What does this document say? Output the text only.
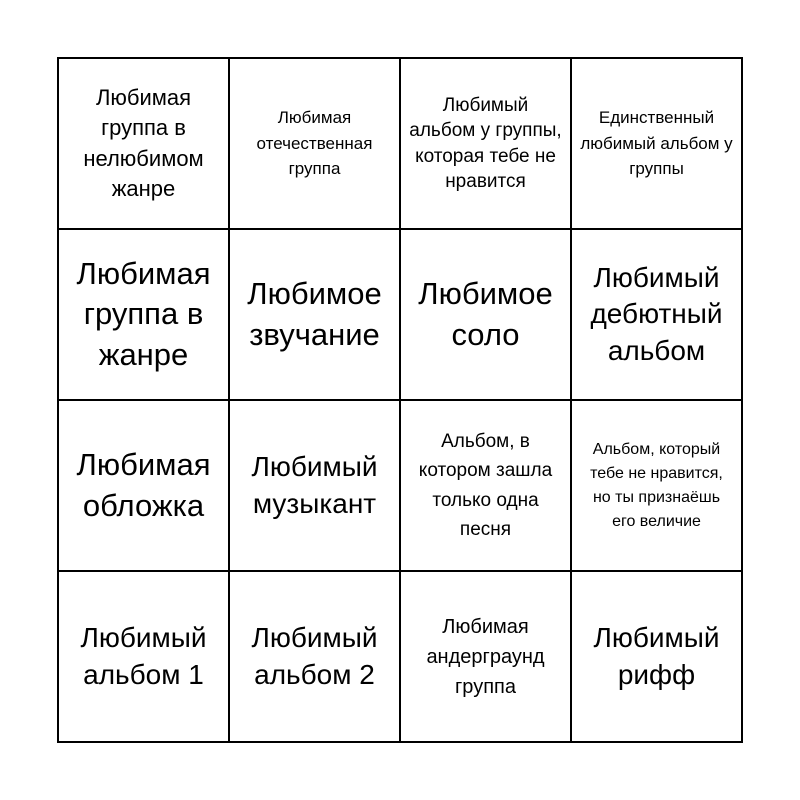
Любимая группа в нелюбимом жанре
Любимая отечественная группа
Любимый альбом у группы, которая тебе не нравится
Единственный любимый альбом у группы
Любимая группа в жанре
Любимое звучание
Любимое соло
Любимый дебютный альбом
Любимая обложка
Любимый музыкант
Альбом, в котором зашла только одна песня
Альбом, который тебе не нравится, но ты признаёшь его величие
Любимый альбом 1
Любимый альбом 2
Любимая андерграунд группа
Любимый рифф
